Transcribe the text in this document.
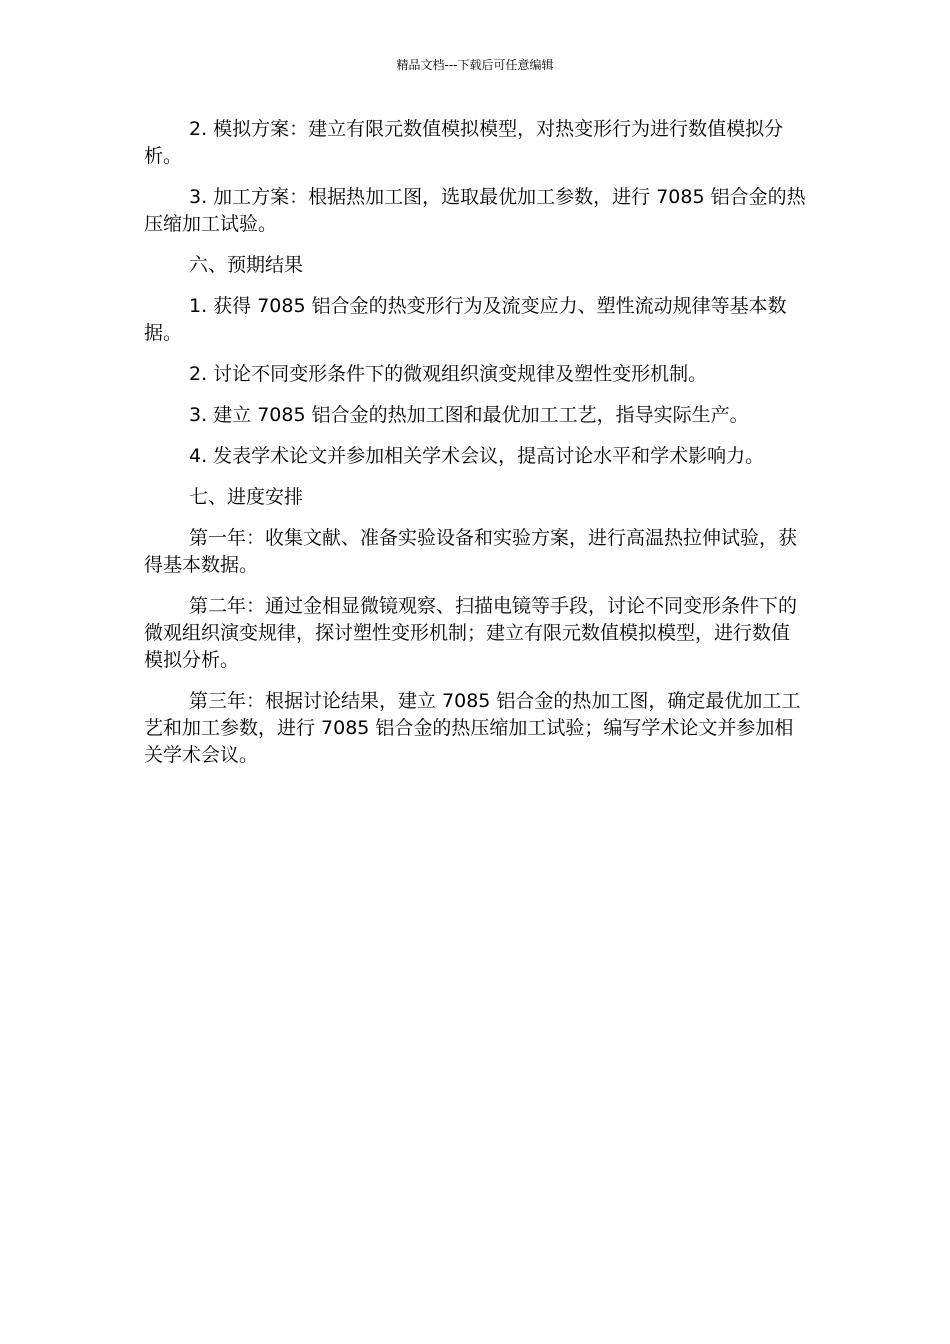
精品文档---下载后可任意编辑

2. 模拟方案：建立有限元数值模拟模型，对热变形行为进行数值模拟分析。

3. 加工方案：根据热加工图，选取最优加工参数，进行 7085 铝合金的热压缩加工试验。

六、预期结果

1. 获得 7085 铝合金的热变形行为及流变应力、塑性流动规律等基本数据。

2. 讨论不同变形条件下的微观组织演变规律及塑性变形机制。

3. 建立 7085 铝合金的热加工图和最优加工工艺，指导实际生产。

4. 发表学术论文并参加相关学术会议，提高讨论水平和学术影响力。

七、进度安排

第一年：收集文献、准备实验设备和实验方案，进行高温热拉伸试验，获得基本数据。

第二年：通过金相显微镜观察、扫描电镜等手段，讨论不同变形条件下的微观组织演变规律，探讨塑性变形机制；建立有限元数值模拟模型，进行数值模拟分析。

第三年：根据讨论结果，建立 7085 铝合金的热加工图，确定最优加工工艺和加工参数，进行 7085 铝合金的热压缩加工试验；编写学术论文并参加相关学术会议。
